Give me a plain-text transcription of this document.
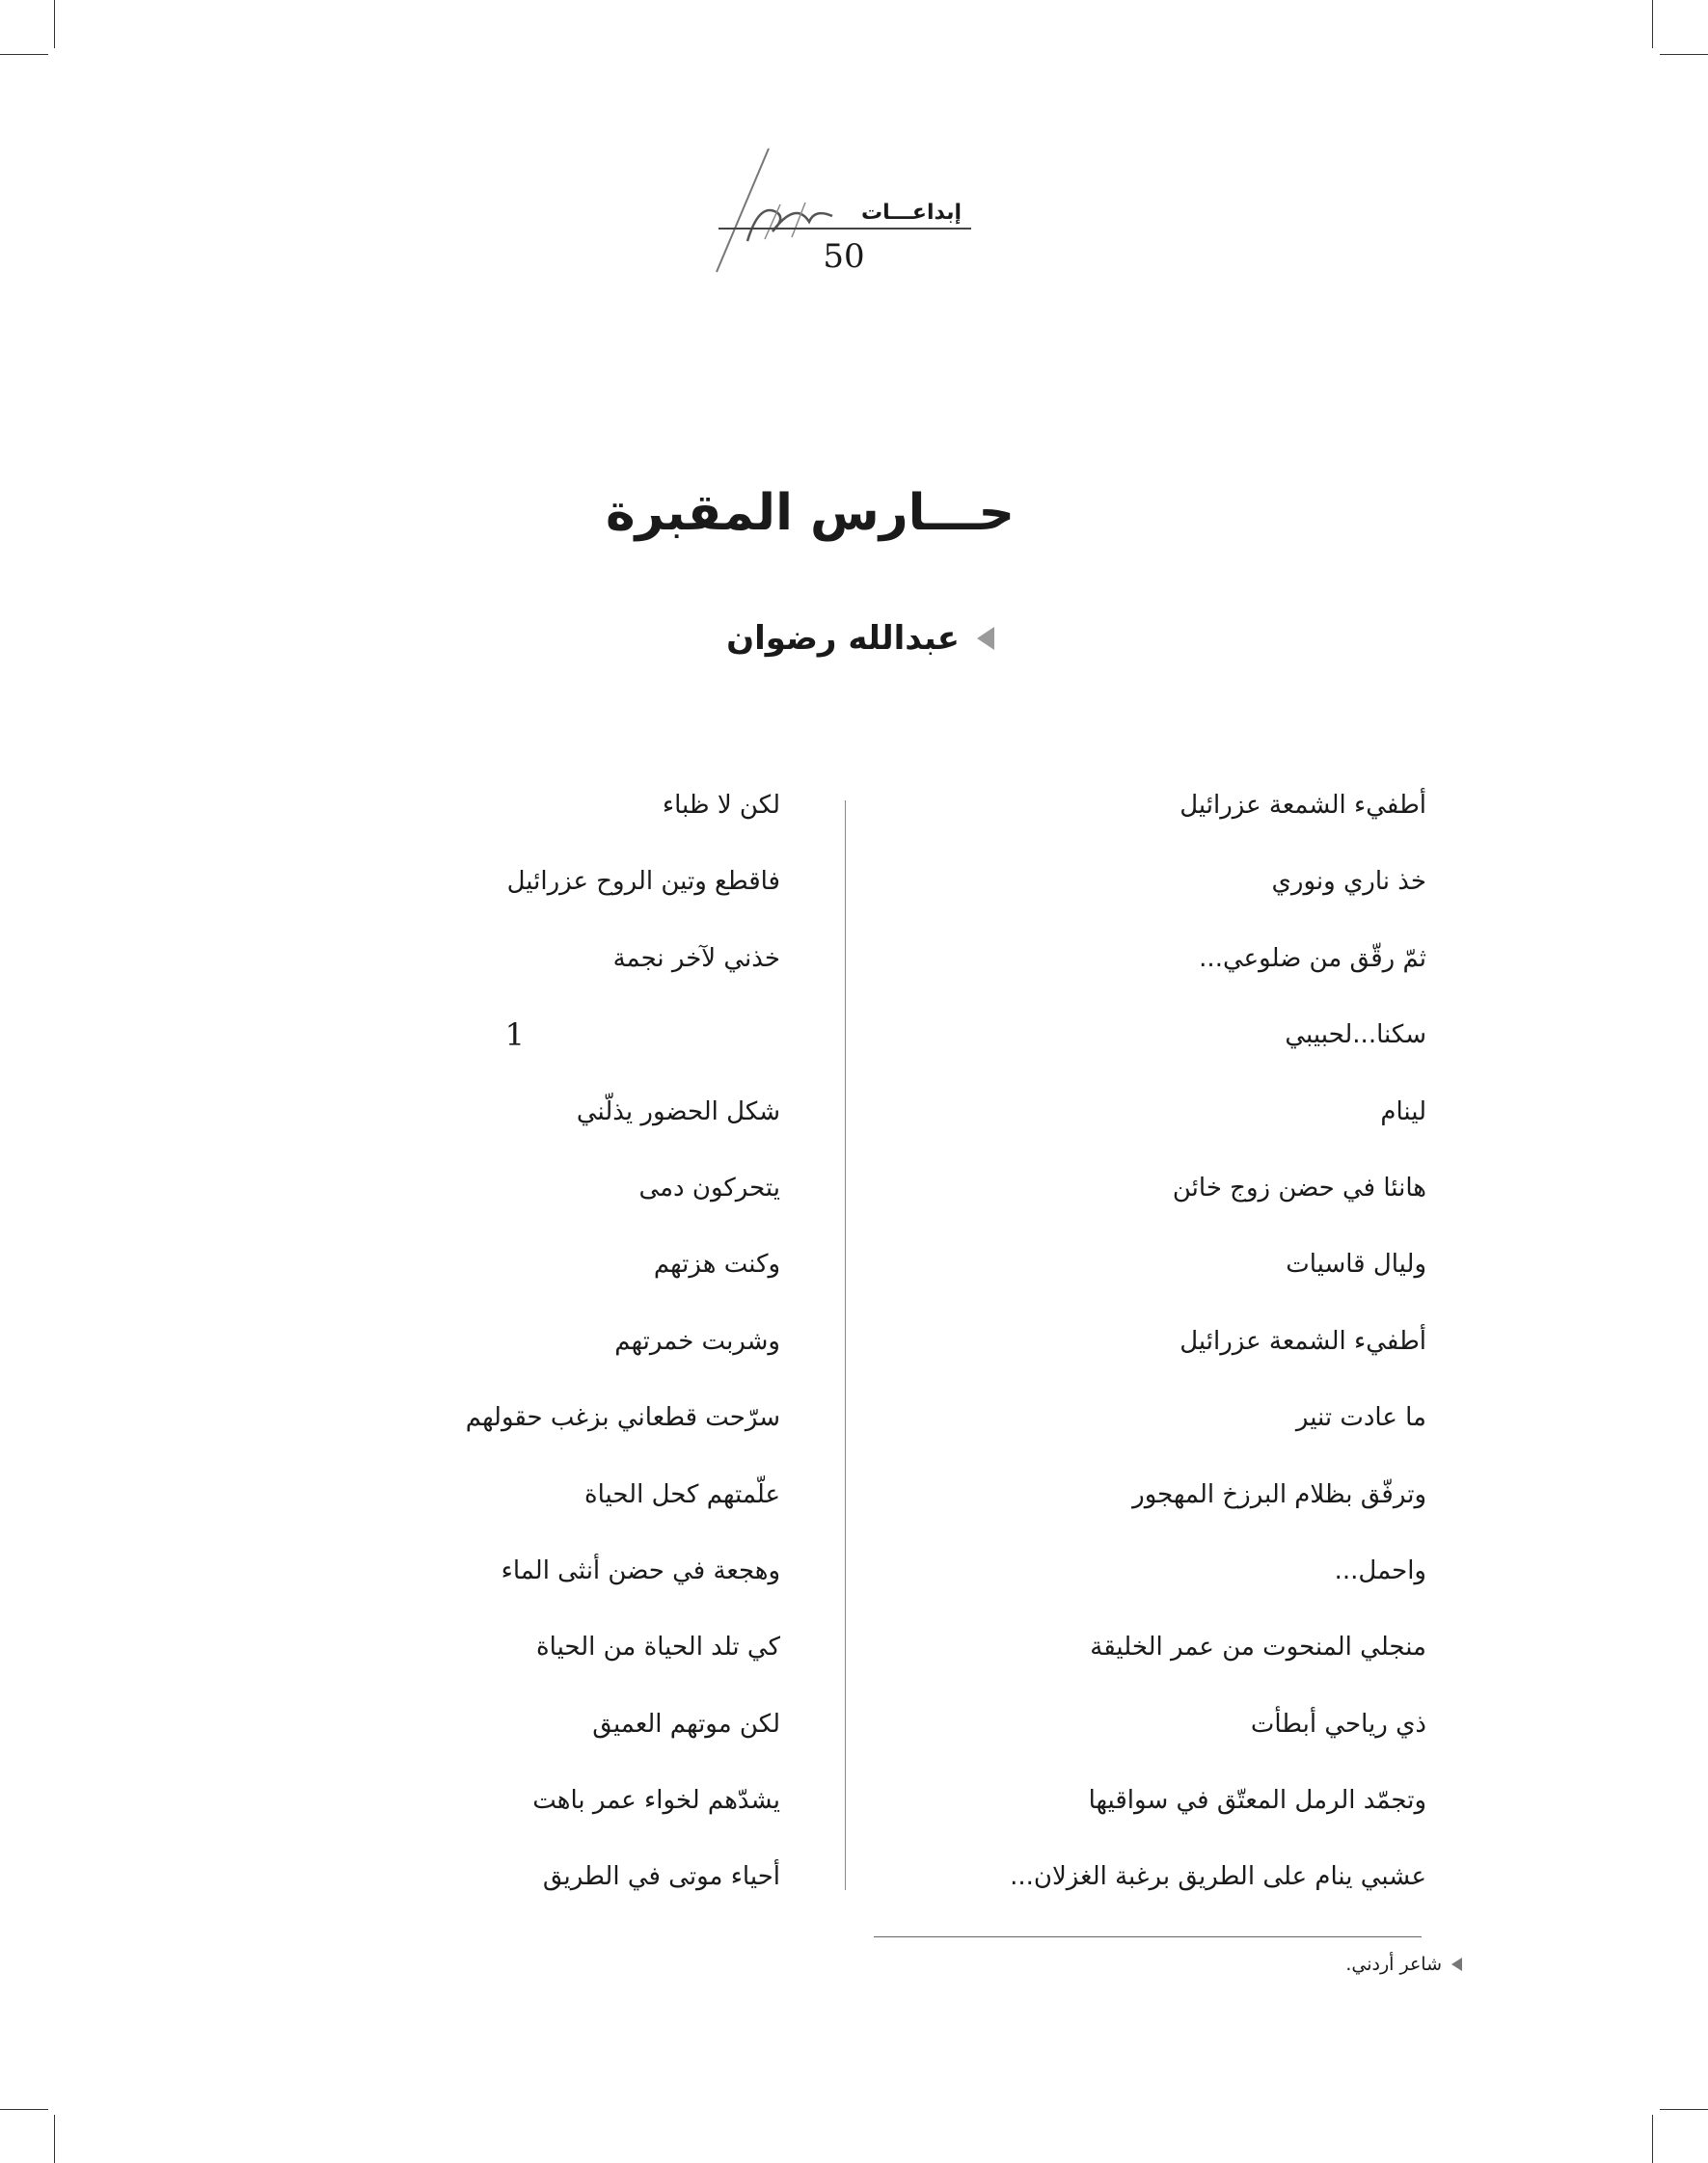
إبداعـــات
50
حـــارس المقبرة
عبدالله رضوان
أطفيء الشمعة عزرائيل
خذ ناري ونوري
ثمّ رقّق من ضلوعي...
سكنا...لحبيبي
لينام
هانئا في حضن زوج خائن
وليال قاسيات
أطفيء الشمعة عزرائيل
ما عادت تنير
وترفّق بظلام البرزخ المهجور
واحمل...
منجلي المنحوت من عمر الخليقة
ذي رياحي أبطأت
وتجمّد الرمل المعتّق في سواقيها
عشبي ينام على الطريق برغبة الغزلان...
لكن لا ظباء
فاقطع وتين الروح عزرائيل
خذني لآخر نجمة
1
شكل الحضور يذلّني
يتحركون دمى
وكنت هزتهم
وشربت خمرتهم
سرّحت قطعاني بزغب حقولهم
علّمتهم كحل الحياة
وهجعة في حضن أنثى الماء
كي تلد الحياة من الحياة
لكن موتهم العميق
يشدّهم لخواء عمر باهت
أحياء موتى في الطريق
شاعر أردني.
